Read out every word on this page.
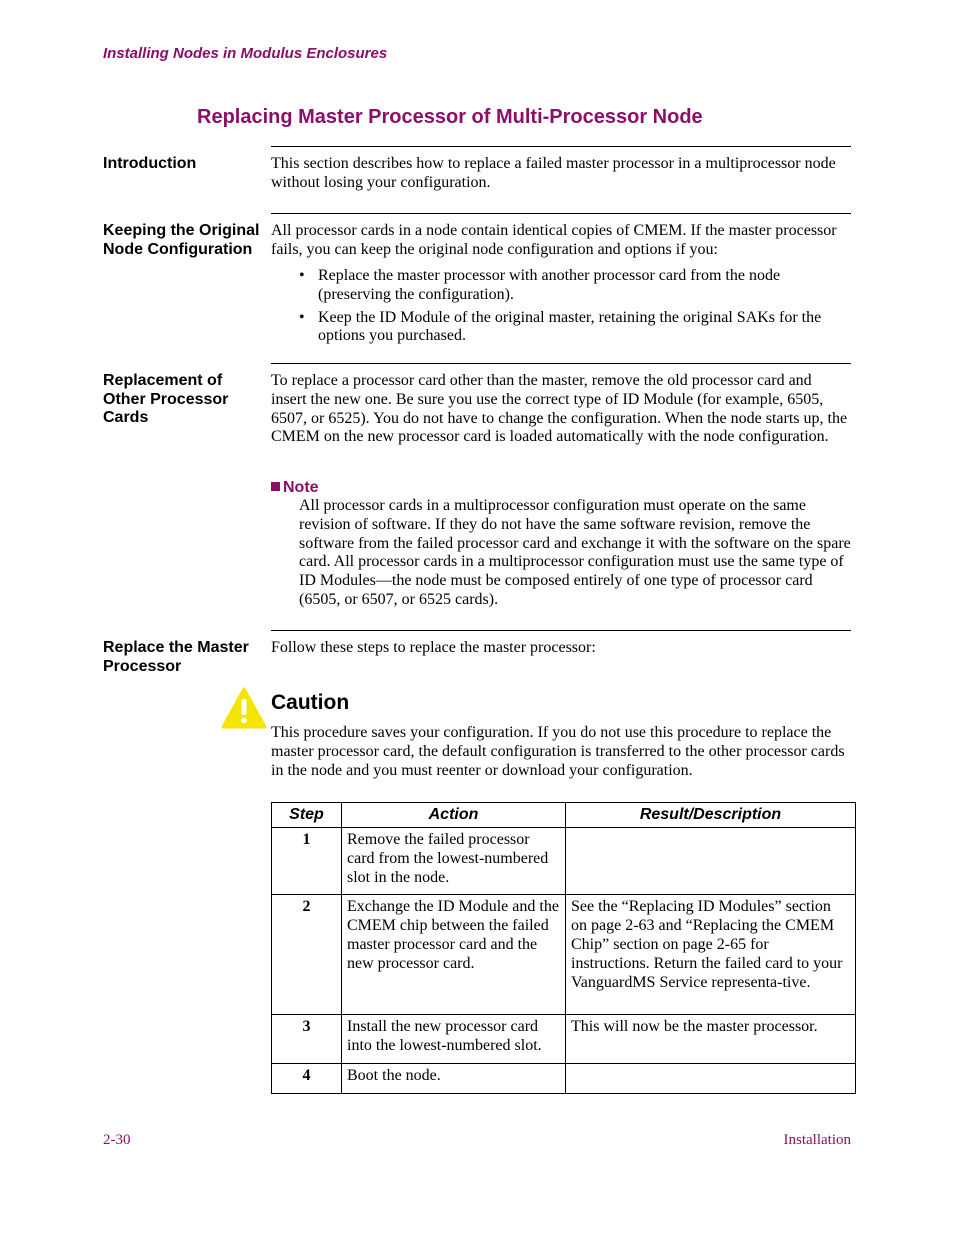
Installing Nodes in Modulus Enclosures
Replacing Master Processor of Multi-Processor Node
Introduction	This section describes how to replace a failed master processor in a multiprocessor node without losing your configuration.

Keeping the Original Node Configuration

All processor cards in a node contain identical copies of CMEM. If the master processor fails, you can keep the original node configuration and options if you:

• Replace the master processor with another processor card from the node (preserving the configuration).
• Keep the ID Module of the original master, retaining the original SAKs for the options you purchased.
Replacement of Other Processor Cards

To replace a processor card other than the master, remove the old processor card and insert the new one. Be sure you use the correct type of ID Module (for example, 6505, 6507, or 6525). You do not have to change the configuration. When the node starts up, the CMEM on the new processor card is loaded automatically with the node configuration.

Note
All processor cards in a multiprocessor configuration must operate on the same revision of software. If they do not have the same software revision, remove the software from the failed processor card and exchange it with the software on the spare card. All processor cards in a multiprocessor configuration must use the same type of ID Modules—the node must be composed entirely of one type of processor card (6505, or 6507, or 6525 cards).
Replace the Master Processor

Follow these steps to replace the master processor:

Caution
This procedure saves your configuration. If you do not use this procedure to replace the master processor card, the default configuration is transferred to the other processor cards in the node and you must reenter or download your configuration.
Step	Action	Result/Description
1	Remove the failed processor card from the lowest-numbered slot in the node.	
2	Exchange the ID Module and the CMEM chip between the failed master processor card and the new processor card.	See the “Replacing ID Modules” section on page 2-63 and “Replacing the CMEM Chip” section on page 2-65 for instructions. Return the failed card to your VanguardMS Service representa-tive.
3	Install the new processor card into the lowest-numbered slot.	This will now be the master processor.
4	Boot the node.	
2-30	Installation
